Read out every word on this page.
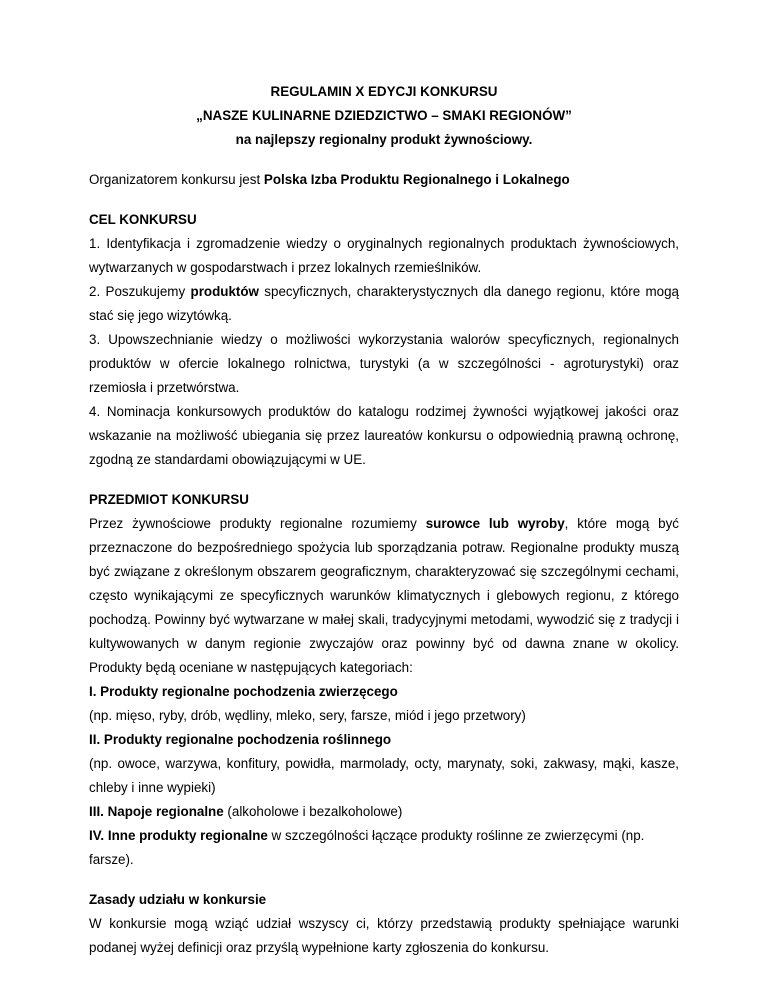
REGULAMIN X EDYCJI KONKURSU

„NASZE KULINARNE DZIEDZICTWO – SMAKI REGIONÓW”

na najlepszy regionalny produkt żywnościowy.

Organizatorem konkursu jest Polska Izba Produktu Regionalnego i Lokalnego

CEL KONKURSU

1. Identyfikacja i zgromadzenie wiedzy o oryginalnych regionalnych produktach żywnościowych, wytwarzanych w gospodarstwach i przez lokalnych rzemieślników.

2. Poszukujemy produktów specyficznych, charakterystycznych dla danego regionu, które mogą stać się jego wizytówką.

3. Upowszechnianie wiedzy o możliwości wykorzystania walorów specyficznych, regionalnych produktów w ofercie lokalnego rolnictwa, turystyki (a w szczególności - agroturystyki) oraz rzemiosła i przetwórstwa.

4. Nominacja konkursowych produktów do katalogu rodzimej żywności wyjątkowej jakości oraz wskazanie na możliwość ubiegania się przez laureatów konkursu o odpowiednią prawną ochronę, zgodną ze standardami obowiązującymi w UE.

PRZEDMIOT KONKURSU

Przez żywnościowe produkty regionalne rozumiemy surowce lub wyroby, które mogą być przeznaczone do bezpośredniego spożycia lub sporządzania potraw. Regionalne produkty muszą być związane z określonym obszarem geograficznym, charakteryzować się szczególnymi cechami, często wynikającymi ze specyficznych warunków klimatycznych i glebowych regionu, z którego pochodzą. Powinny być wytwarzane w małej skali, tradycyjnymi metodami, wywodzić się z tradycji i kultywowanych w danym regionie zwyczajów oraz powinny być od dawna znane w okolicy. Produkty będą oceniane w następujących kategoriach:

I. Produkty regionalne pochodzenia zwierzęcego

(np. mięso, ryby, drób, wędliny, mleko, sery, farsze, miód i jego przetwory)

II. Produkty regionalne pochodzenia roślinnego

(np. owoce, warzywa, konfitury, powidła, marmolady, octy, marynaty, soki, zakwasy, mąki, kasze, chleby i inne wypieki)

III. Napoje regionalne (alkoholowe i bezalkoholowe)

IV. Inne produkty regionalne w szczególności łączące produkty roślinne ze zwierzęcymi (np. farsze).

Zasady udziału w konkursie

W konkursie mogą wziąć udział wszyscy ci, którzy przedstawią produkty spełniające warunki podanej wyżej definicji oraz przyślą wypełnione karty zgłoszenia do konkursu.
